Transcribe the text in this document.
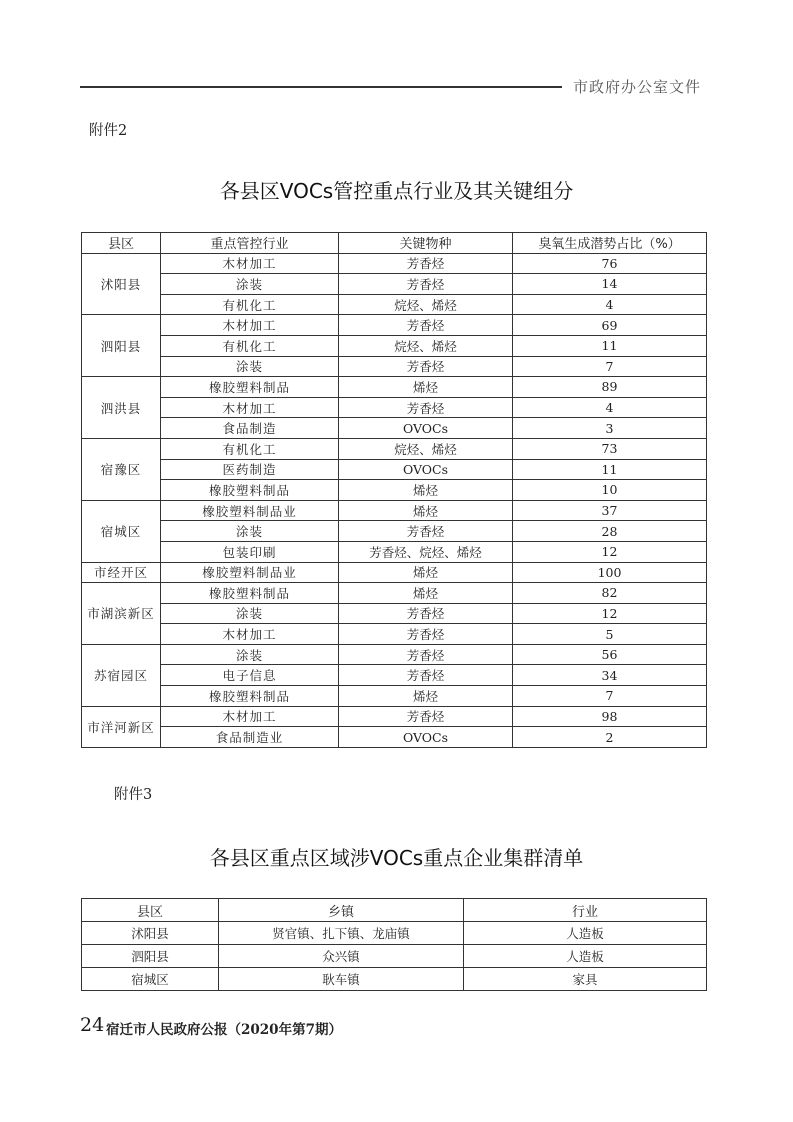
市政府办公室文件
附件2
各县区VOCs管控重点行业及其关键组分
县区	重点管控行业	关键物种	臭氧生成潜势占比（%）
沭阳县	木材加工	芳香烃	76
	涂装	芳香烃	14
	有机化工	烷烃、烯烃	4
泗阳县	木材加工	芳香烃	69
	有机化工	烷烃、烯烃	11
	涂装	芳香烃	7
泗洪县	橡胶塑料制品	烯烃	89
	木材加工	芳香烃	4
	食品制造	OVOCs	3
宿豫区	有机化工	烷烃、烯烃	73
	医药制造	OVOCs	11
	橡胶塑料制品	烯烃	10
宿城区	橡胶塑料制品业	烯烃	37
	涂装	芳香烃	28
	包装印刷	芳香烃、烷烃、烯烃	12
市经开区	橡胶塑料制品业	烯烃	100
市湖滨新区	橡胶塑料制品	烯烃	82
	涂装	芳香烃	12
	木材加工	芳香烃	5
苏宿园区	涂装	芳香烃	56
	电子信息	芳香烃	34
	橡胶塑料制品	烯烃	7
市洋河新区	木材加工	芳香烃	98
	食品制造业	OVOCs	2
附件3
各县区重点区域涉VOCs重点企业集群清单
县区	乡镇	行业
沭阳县	贤官镇、扎下镇、龙庙镇	人造板
泗阳县	众兴镇	人造板
宿城区	耿车镇	家具
24 宿迁市人民政府公报（2020年第7期）
